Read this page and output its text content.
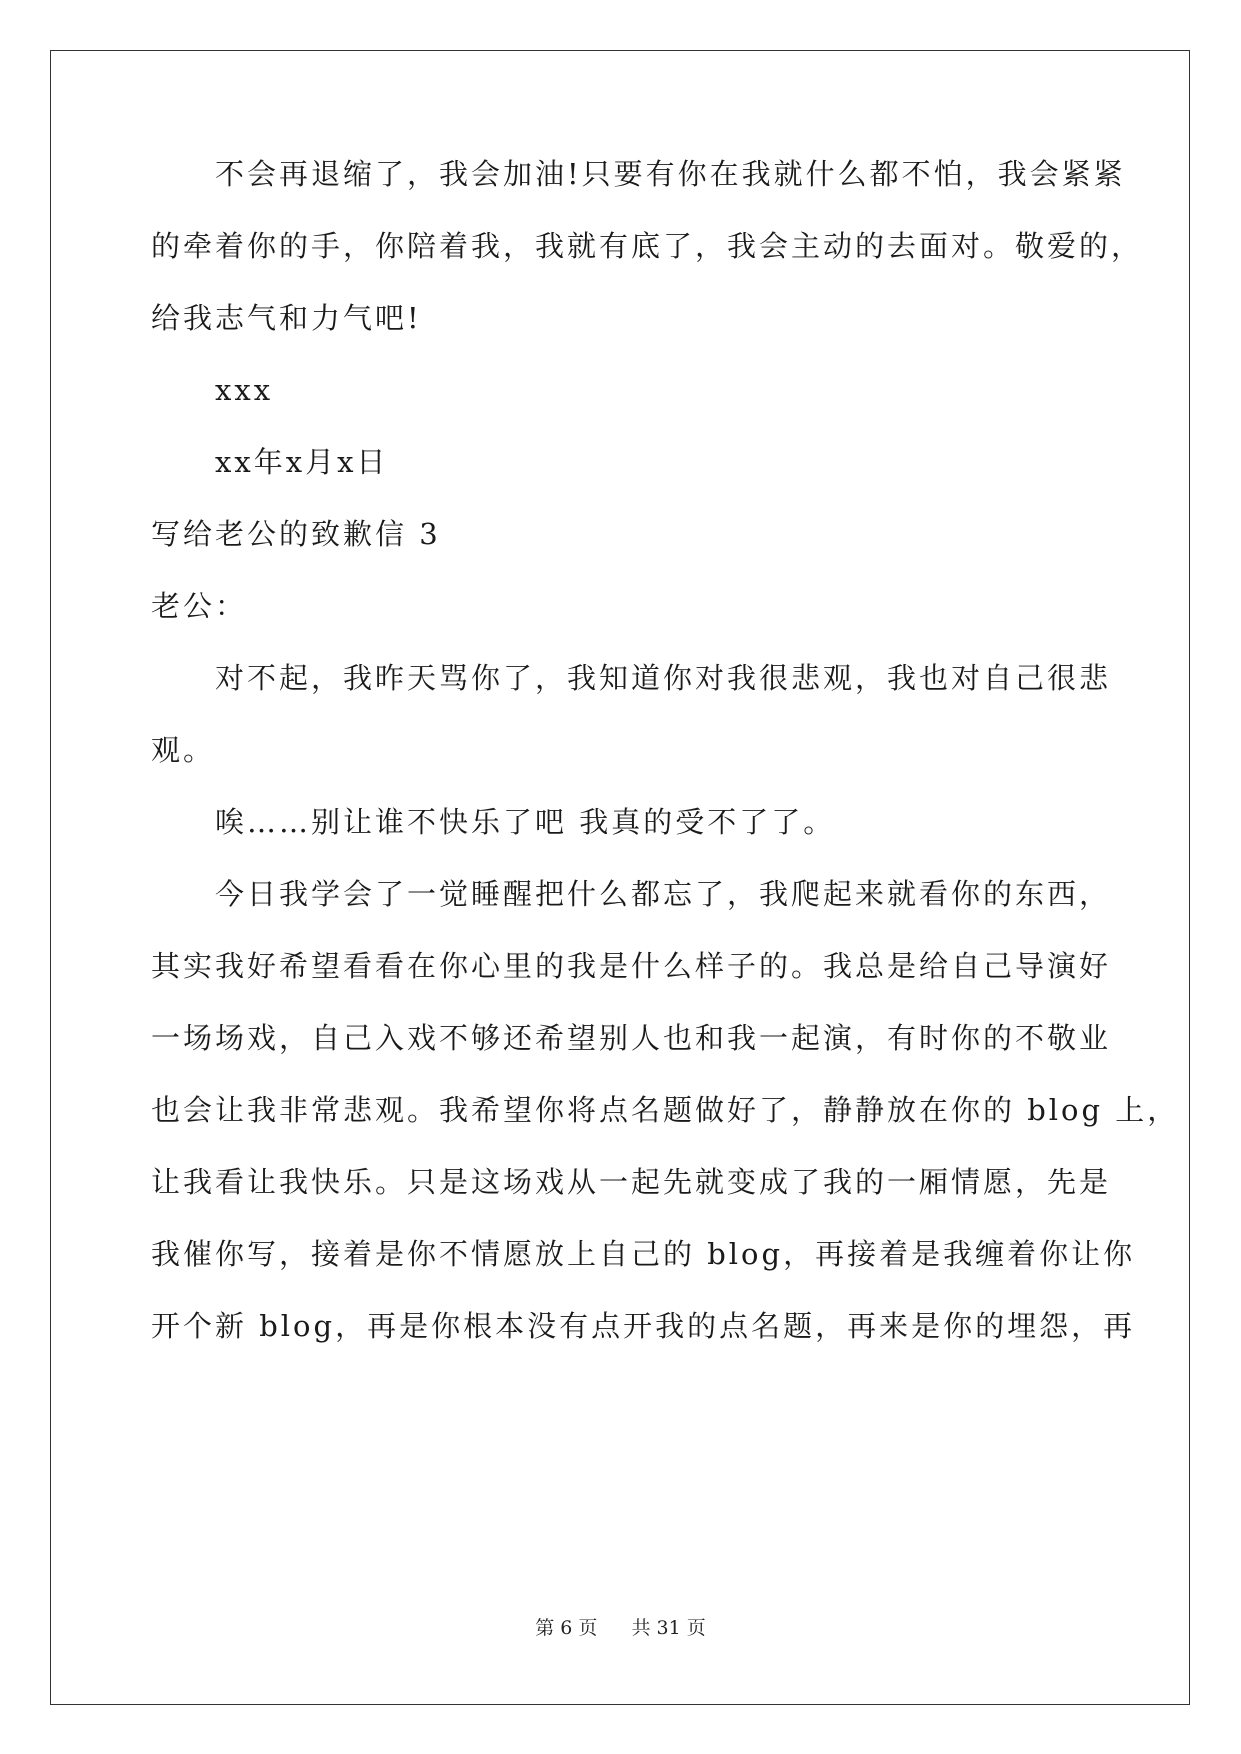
不会再退缩了，我会加油!只要有你在我就什么都不怕，我会紧紧
的牵着你的手，你陪着我，我就有底了，我会主动的去面对。敬爱的，
给我志气和力气吧!
xxx
xx年x月x日
写给老公的致歉信 3
老公：
对不起，我昨天骂你了，我知道你对我很悲观，我也对自己很悲
观。
唉……别让谁不快乐了吧 我真的受不了了。
今日我学会了一觉睡醒把什么都忘了，我爬起来就看你的东西，
其实我好希望看看在你心里的我是什么样子的。我总是给自己导演好
一场场戏，自己入戏不够还希望别人也和我一起演，有时你的不敬业
也会让我非常悲观。我希望你将点名题做好了，静静放在你的 blog 上，
让我看让我快乐。只是这场戏从一起先就变成了我的一厢情愿，先是
我催你写，接着是你不情愿放上自己的 blog，再接着是我缠着你让你
开个新 blog，再是你根本没有点开我的点名题，再来是你的埋怨，再
第 6 页 共 31 页
